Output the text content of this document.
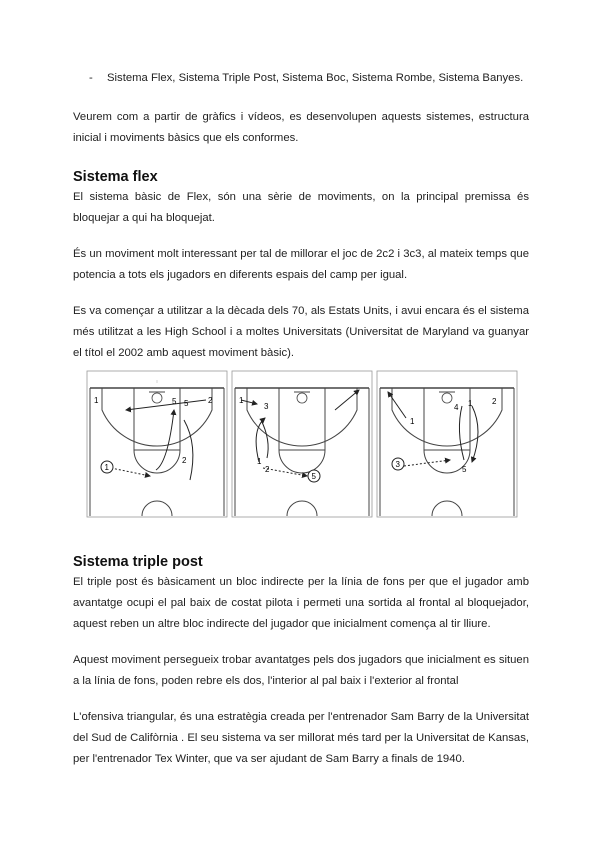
- Sistema Flex, Sistema Triple Post, Sistema Boc, Sistema Rombe, Sistema Banyes.

Veurem com a partir de gràfics i vídeos, es desenvolupen aquests sistemes, estructura inicial i moviments bàsics que els conformes.

Sistema flex

El sistema bàsic de Flex, són una sèrie de moviments, on la principal premissa és bloquejar a qui ha bloquejat.

És un moviment molt interessant per tal de millorar el joc de 2c2 i 3c3, al mateix temps que potencia a tots els jugadors en diferents espais del camp per igual.

Es va començar a utilitzar a la dècada dels 70, als Estats Units, i avui encara és el sistema més utilitzat a les High School i a moltes Universitats (Universitat de Maryland va guanyar el títol el 2002 amb aquest moviment bàsic).

1	2
5
1
2
5	1
3
1
2
5
1
4
2
1
3
5
Sistema triple post

El triple post és bàsicament un bloc indirecte per la línia de fons per que el jugador amb avantatge ocupi el pal baix de costat pilota i permeti una sortida al frontal al bloquejador, aquest reben un altre bloc indirecte del jugador que inicialment comença al tir lliure.

Aquest moviment persegueix trobar avantatges pels dos jugadors que inicialment es situen a la línia de fons, poden rebre els dos, l'interior al pal baix i l'exterior al frontal

L'ofensiva triangular, és una estratègia creada per l'entrenador Sam Barry de la Universitat del Sud de Califòrnia . El seu sistema va ser millorat més tard per la Universitat de Kansas, per l'entrenador Tex Winter, que va ser ajudant de Sam Barry a finals de 1940.
